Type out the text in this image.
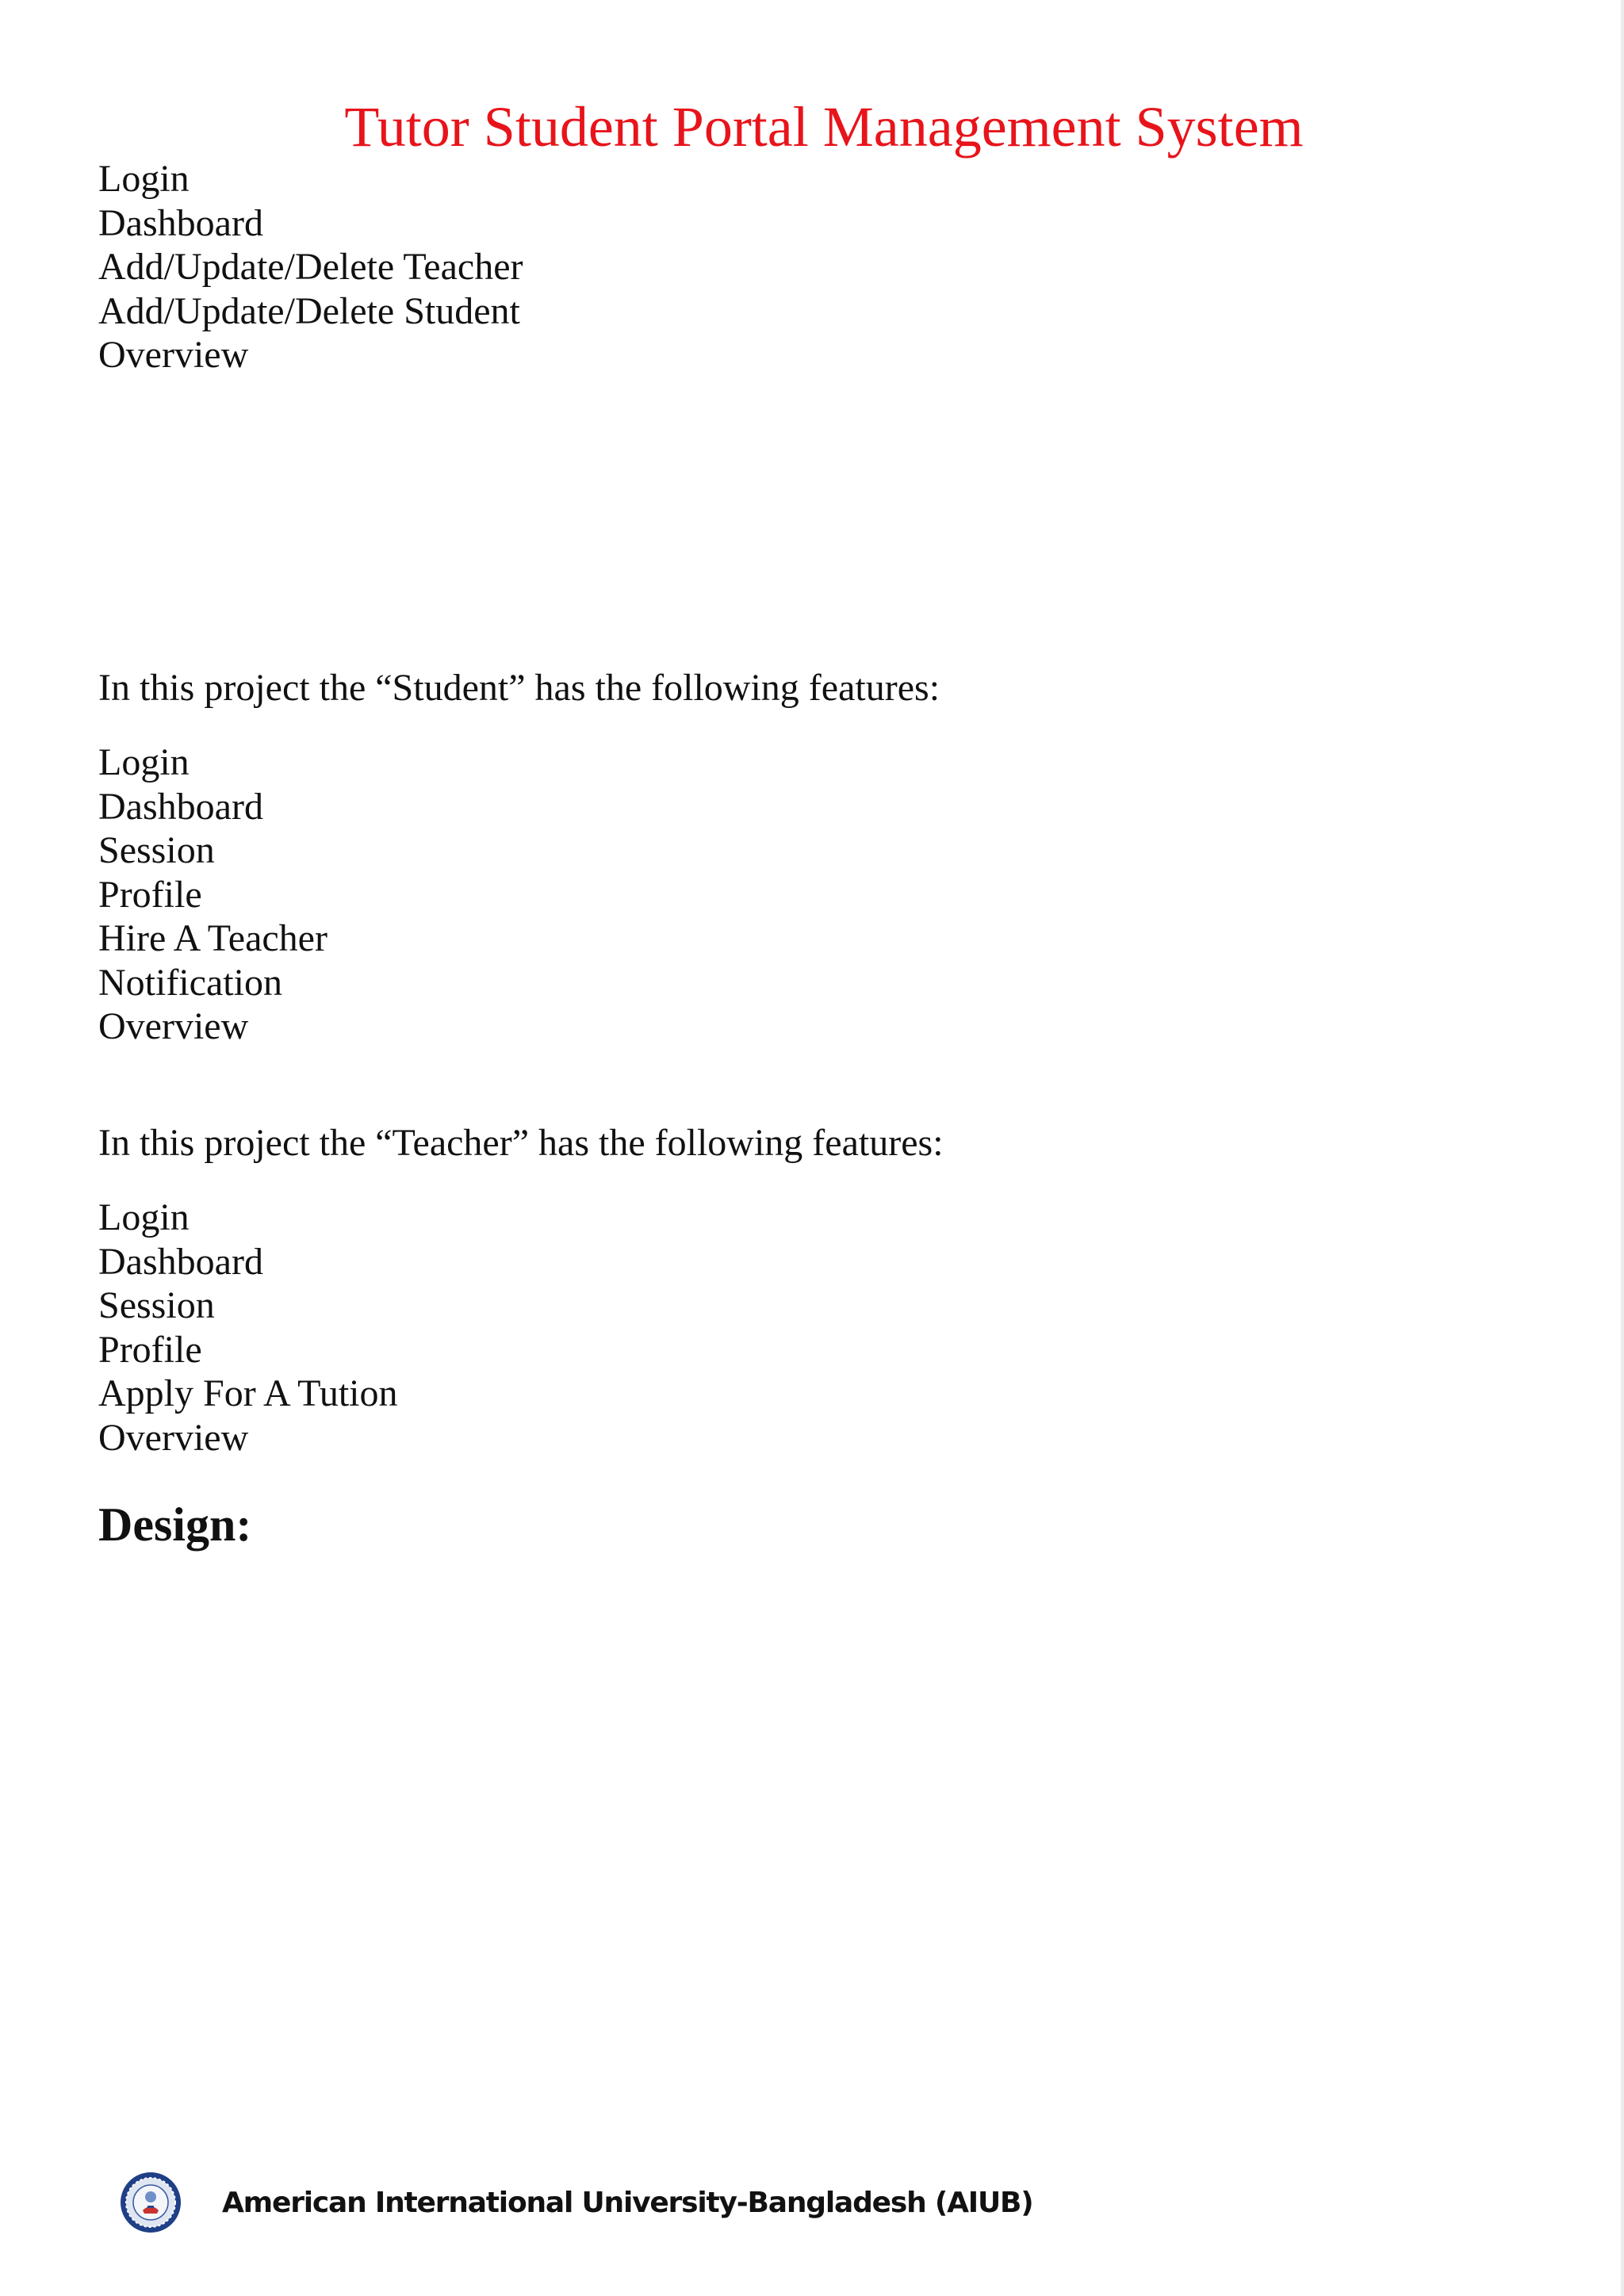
Tutor Student Portal Management System
Login
Dashboard
Add/Update/Delete Teacher
Add/Update/Delete Student
Overview
In this project the “Student” has the following features:
Login
Dashboard
Session
Profile
Hire A Teacher
Notification
Overview
In this project the “Teacher” has the following features:
Login
Dashboard
Session
Profile
Apply For A Tution
Overview
Design:
American International University-Bangladesh (AIUB)
